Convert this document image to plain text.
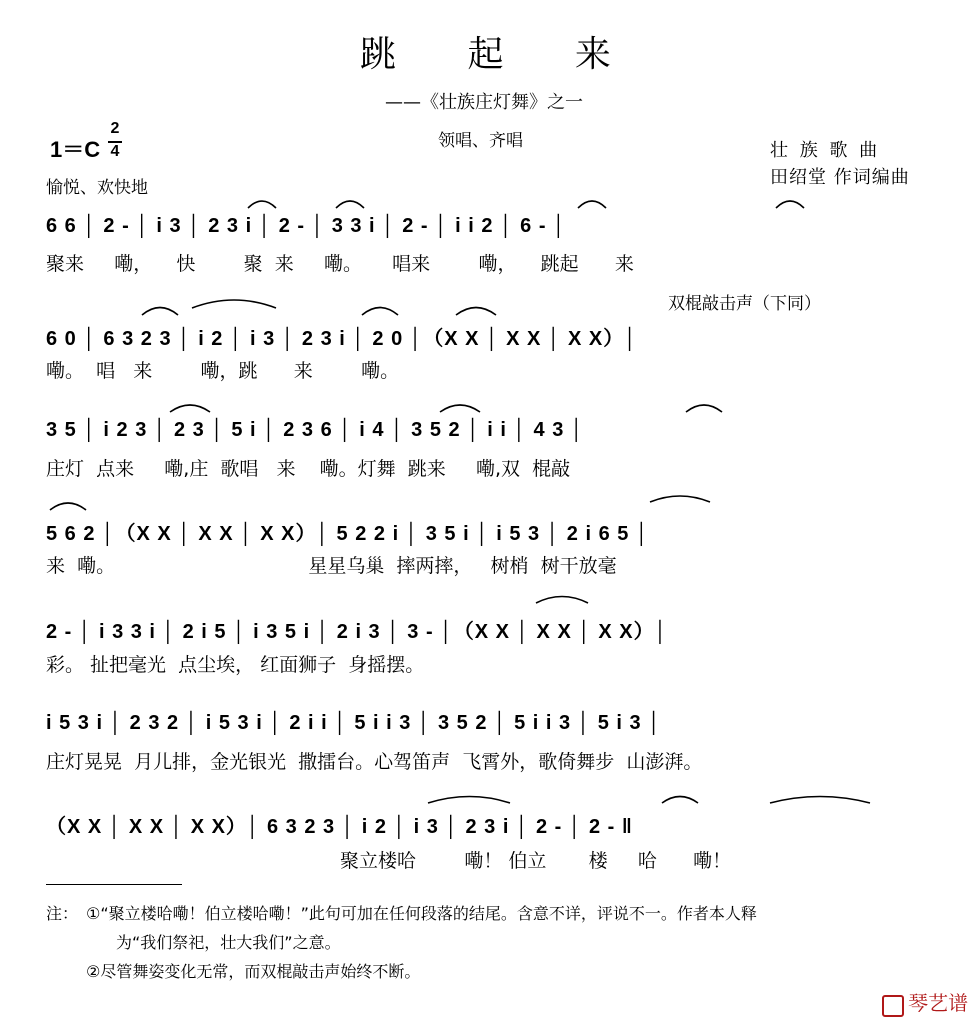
跳 起 来
——《壮族庄灯舞》之一
领唱、齐唱
1＝C
2
4
愉悦、欢快地
壮 族 歌 曲
田绍堂 作词编曲
双棍敲击声（下同）
6 6 │ 2 - │ i 3 │ 2 3 i │ 2 - │ 3 3 i │ 2 - │ i i 2 │ 6 - │
聚来     嘞，    快        聚  来     嘞。     唱来        嘞，    跳起      来
6 0 │ 6 3 2 3 │ i 2 │ i 3 │ 2 3 i │ 2 0 │（X X │ X X │ X X）│
嘞。  唱   来        嘞，跳      来        嘞。
3 5 │ i 2 3 │ 2 3 │ 5 i │ 2 3 6 │ i 4 │ 3 5 2 │ i i │ 4 3 │
庄灯  点来     嘞,庄  歌唱   来    嘞。灯舞  跳来     嘞,双  棍敲
5 6 2 │（X X │ X X │ X X）│ 5 2 2 i │ 3 5 i │ i 5 3 │ 2 i 6 5 │
来  嘞。                                星星乌巢  摔两摔，   树梢  树干放毫
2 - │ i 3 3 i │ 2 i 5 │ i 3 5 i │ 2 i 3 │ 3 - │（X X │ X X │ X X）│
彩。 扯把毫光  点尘埃， 红面狮子  身摇摆。
i 5 3 i │ 2 3 2 │ i 5 3 i │ 2 i i │ 5 i i 3 │ 3 5 2 │ 5 i i 3 │ 5 i 3 │
庄灯晃晃  月儿排，金光银光  撒擂台。心驾笛声  飞霄外，歌倚舞步  山澎湃。
（X X │ X X │ X X）│ 6 3 2 3 │ i 2 │ i 3 │ 2 3 i │ 2 - │ 2 - ‖
聚立楼哈        嘞！ 伯立       楼     哈      嘞！
注： ①“聚立楼哈嘞！伯立楼哈嘞！”此句可加在任何段落的结尾。含意不详，评说不一。作者本人释
为“我们祭祀，壮大我们”之意。
②尽管舞姿变化无常，而双棍敲击声始终不断。

琴艺谱
